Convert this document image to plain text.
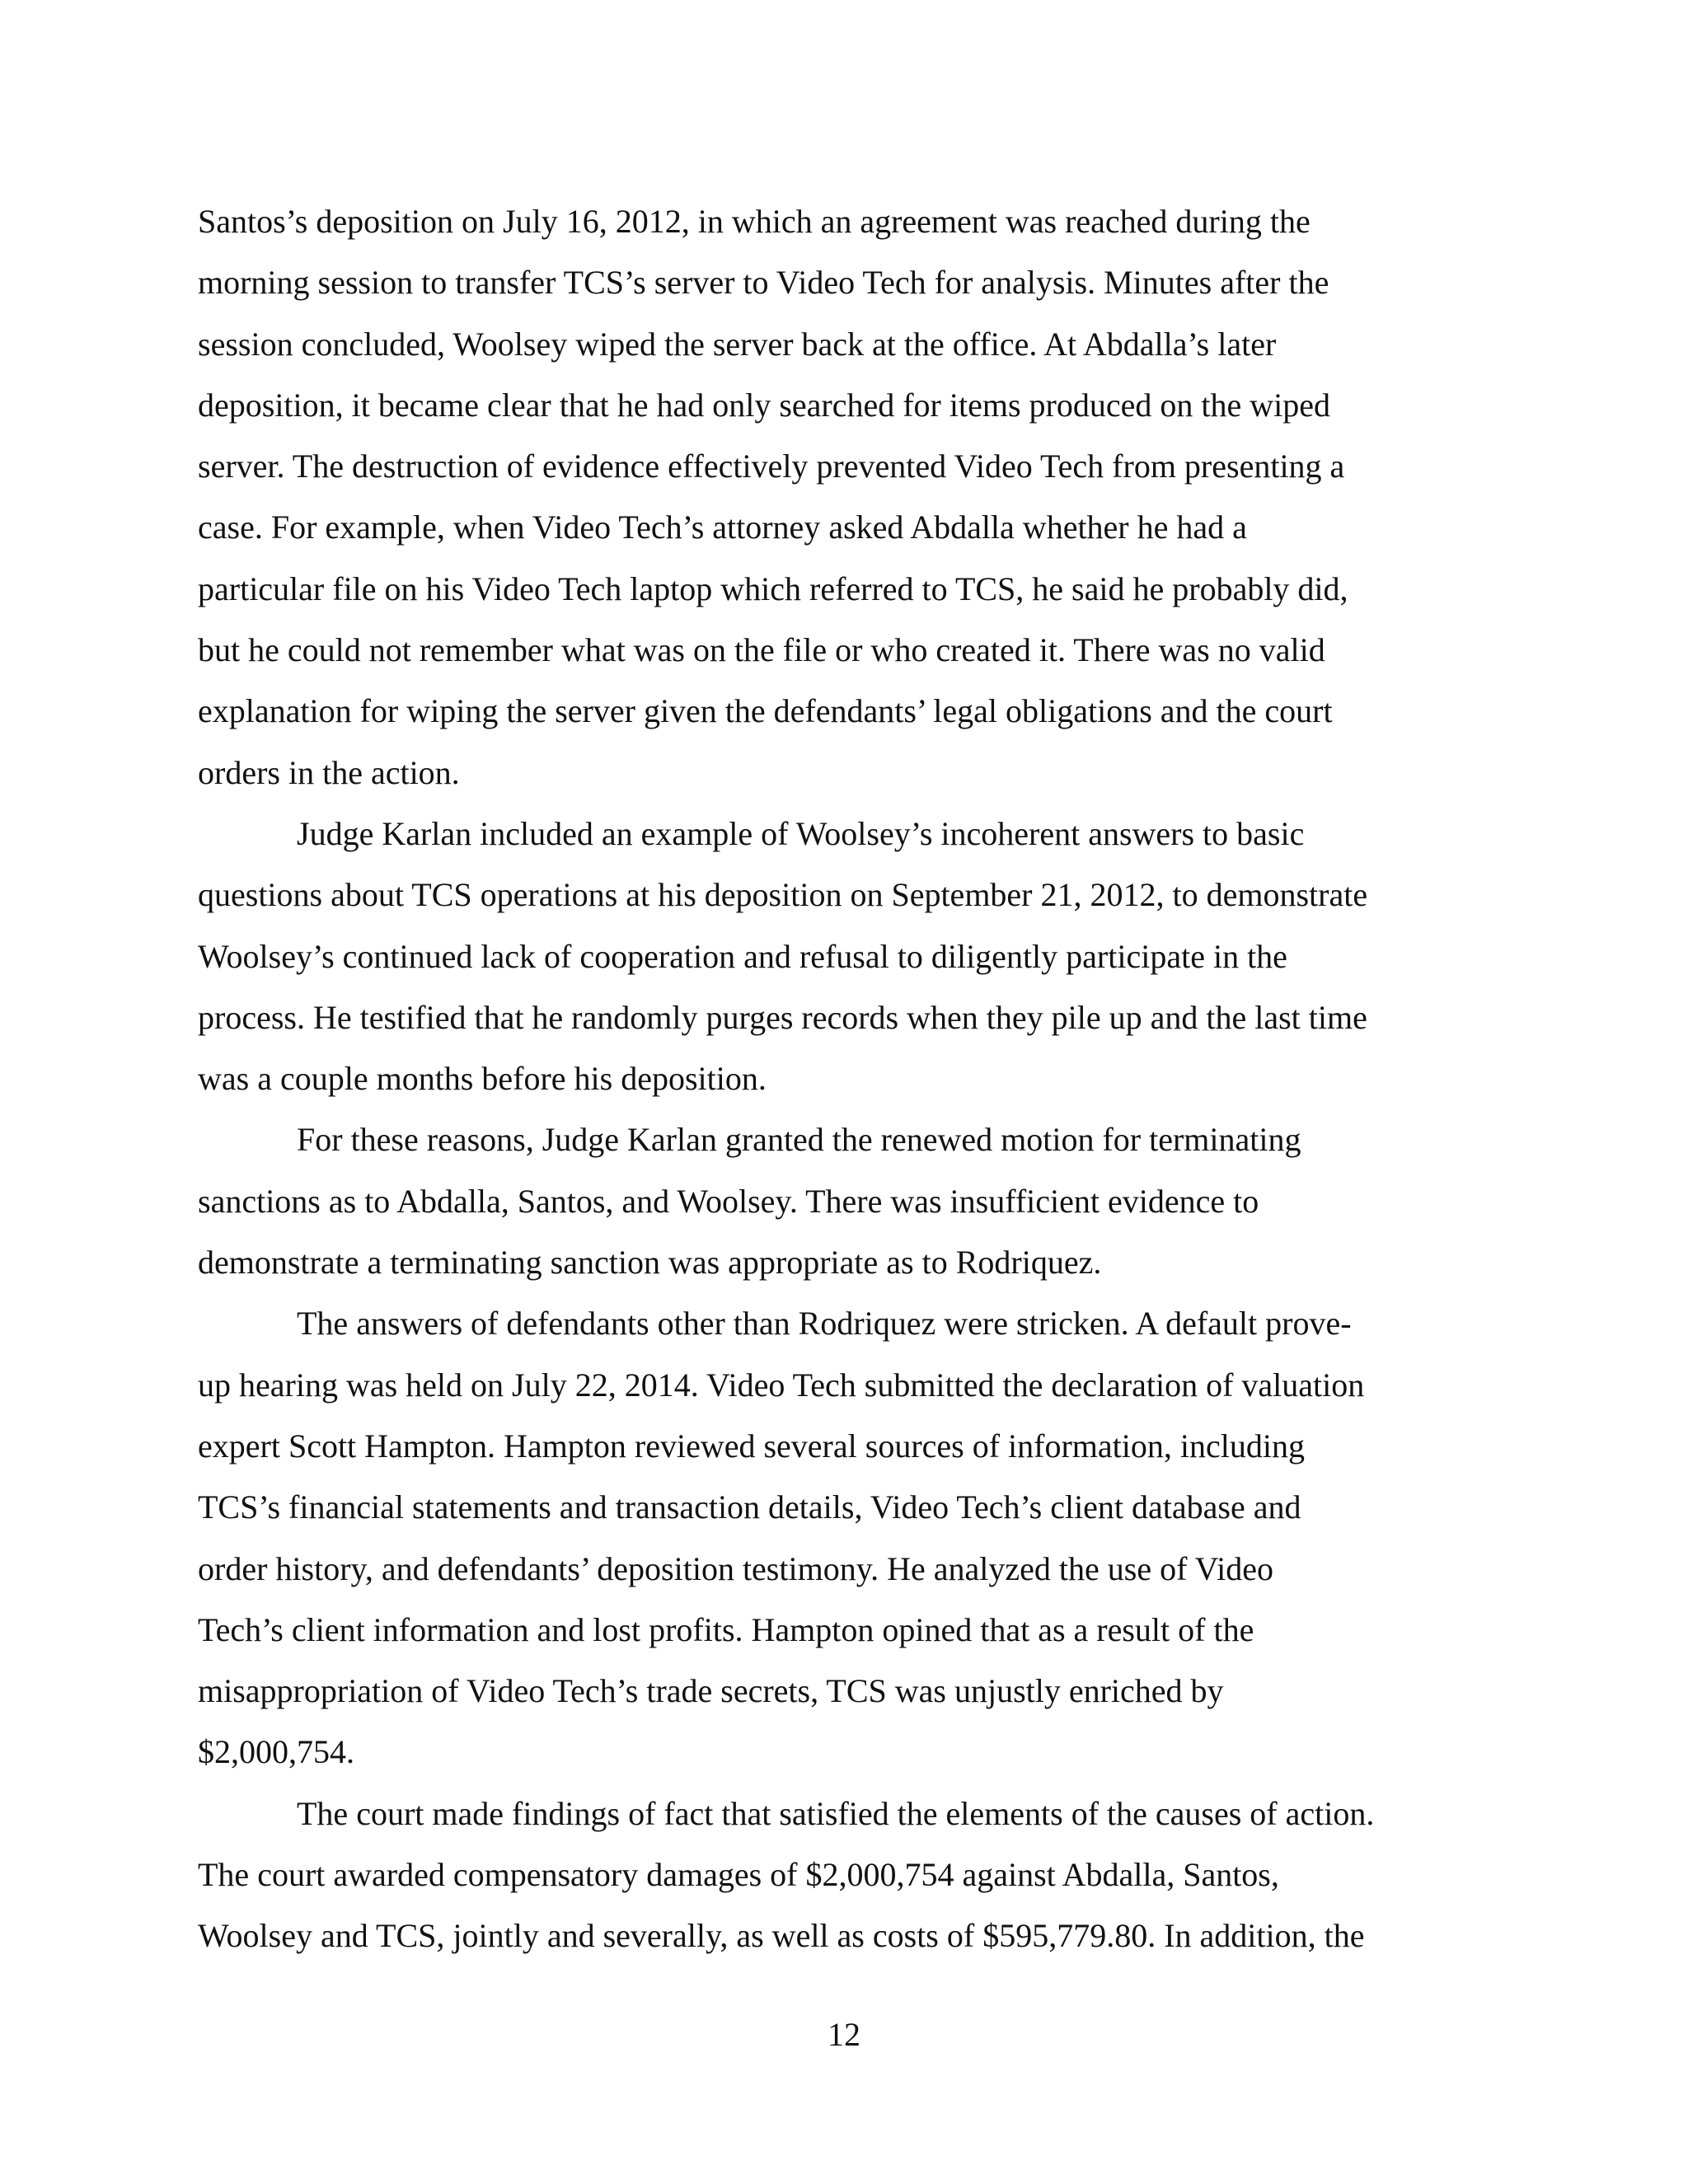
Santos’s deposition on July 16, 2012, in which an agreement was reached during the
morning session to transfer TCS’s server to Video Tech for analysis. Minutes after the
session concluded, Woolsey wiped the server back at the office. At Abdalla’s later
deposition, it became clear that he had only searched for items produced on the wiped
server. The destruction of evidence effectively prevented Video Tech from presenting a
case. For example, when Video Tech’s attorney asked Abdalla whether he had a
particular file on his Video Tech laptop which referred to TCS, he said he probably did,
but he could not remember what was on the file or who created it. There was no valid
explanation for wiping the server given the defendants’ legal obligations and the court
orders in the action.

Judge Karlan included an example of Woolsey’s incoherent answers to basic
questions about TCS operations at his deposition on September 21, 2012, to demonstrate
Woolsey’s continued lack of cooperation and refusal to diligently participate in the
process. He testified that he randomly purges records when they pile up and the last time
was a couple months before his deposition.

For these reasons, Judge Karlan granted the renewed motion for terminating
sanctions as to Abdalla, Santos, and Woolsey. There was insufficient evidence to
demonstrate a terminating sanction was appropriate as to Rodriquez.

The answers of defendants other than Rodriquez were stricken. A default prove-
up hearing was held on July 22, 2014. Video Tech submitted the declaration of valuation
expert Scott Hampton. Hampton reviewed several sources of information, including
TCS’s financial statements and transaction details, Video Tech’s client database and
order history, and defendants’ deposition testimony. He analyzed the use of Video
Tech’s client information and lost profits. Hampton opined that as a result of the
misappropriation of Video Tech’s trade secrets, TCS was unjustly enriched by
$2,000,754.

The court made findings of fact that satisfied the elements of the causes of action.
The court awarded compensatory damages of $2,000,754 against Abdalla, Santos,
Woolsey and TCS, jointly and severally, as well as costs of $595,779.80. In addition, the

12
